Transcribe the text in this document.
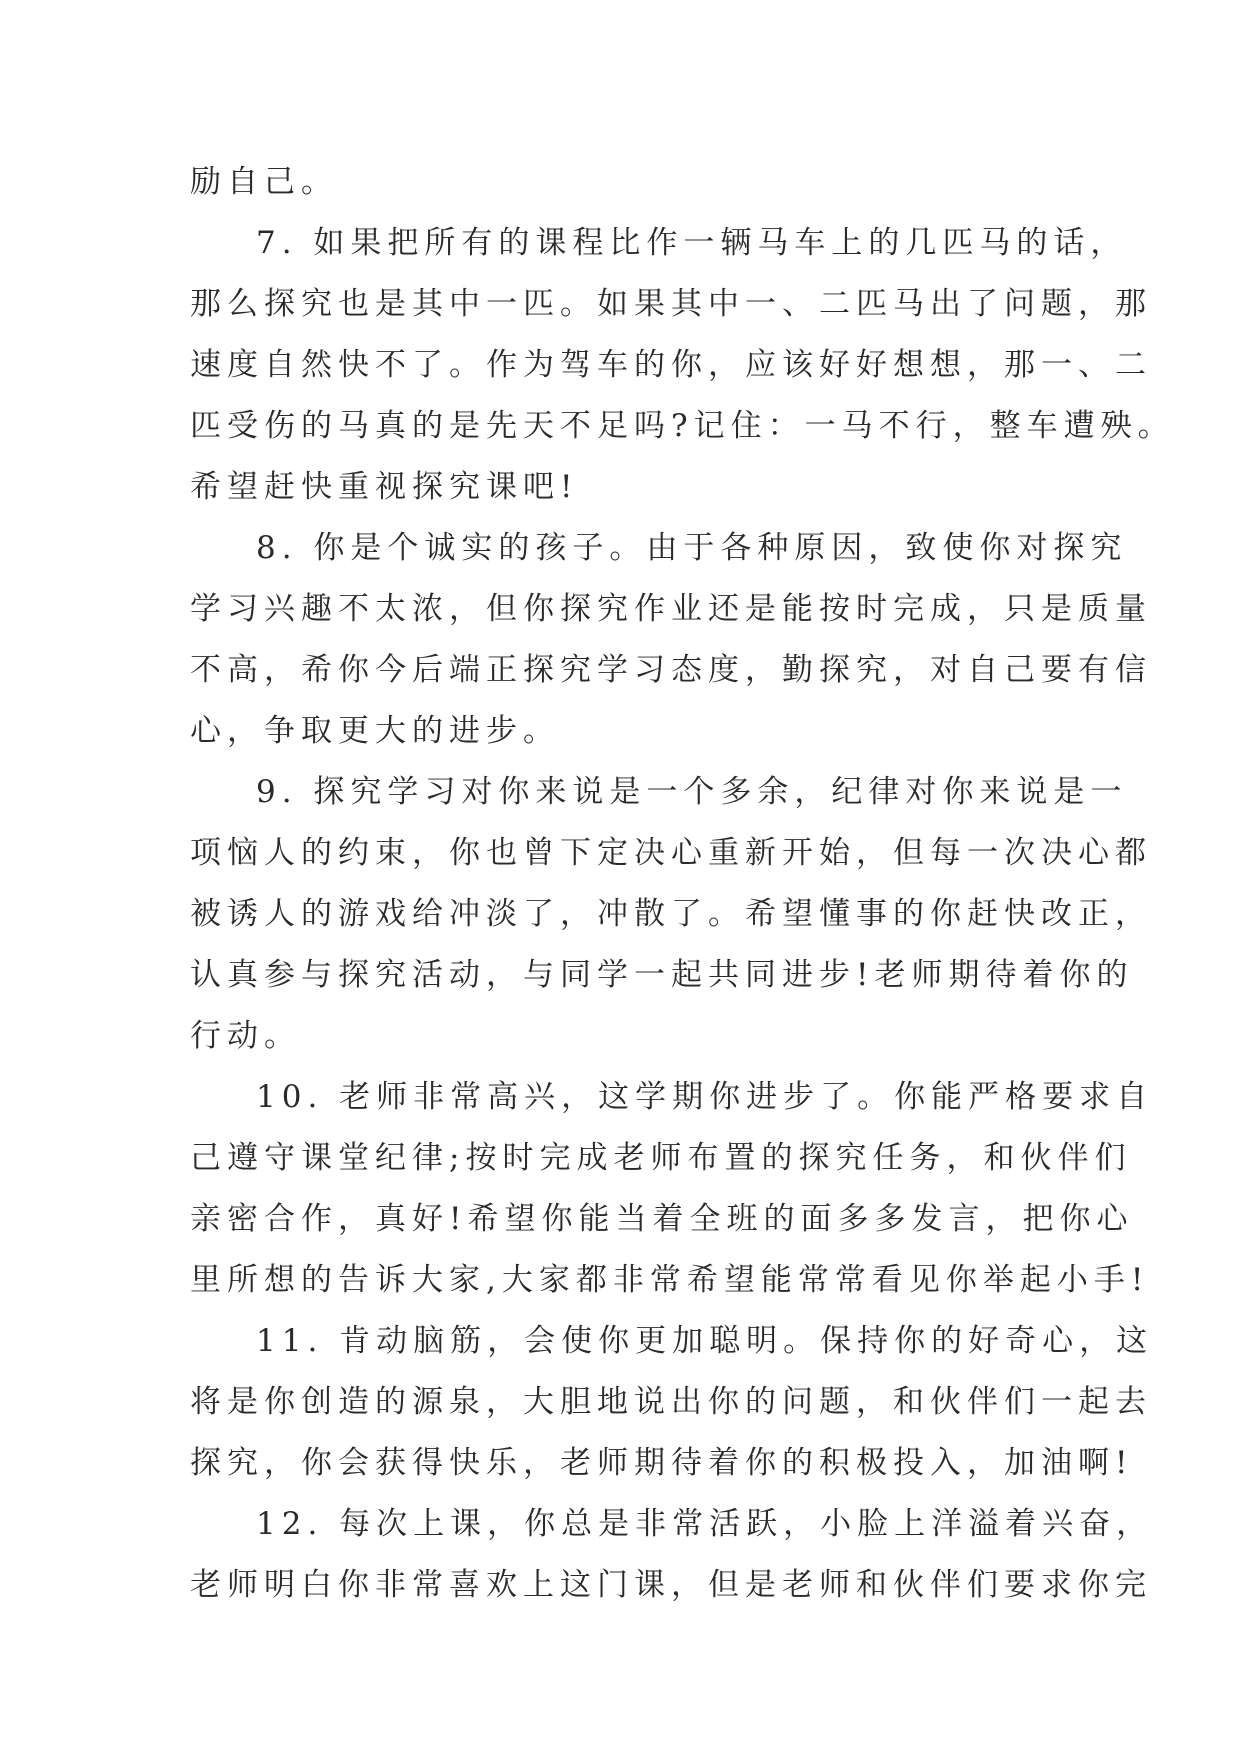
励自己。
7. 如果把所有的课程比作一辆马车上的几匹马的话，
那么探究也是其中一匹。如果其中一、二匹马出了问题，那
速度自然快不了。作为驾车的你，应该好好想想，那一、二
匹受伤的马真的是先天不足吗?记住：一马不行，整车遭殃。
希望赶快重视探究课吧!
8. 你是个诚实的孩子。由于各种原因，致使你对探究
学习兴趣不太浓，但你探究作业还是能按时完成，只是质量
不高，希你今后端正探究学习态度，勤探究，对自己要有信
心，争取更大的进步。
9. 探究学习对你来说是一个多余，纪律对你来说是一
项恼人的约束，你也曾下定决心重新开始，但每一次决心都
被诱人的游戏给冲淡了，冲散了。希望懂事的你赶快改正，
认真参与探究活动，与同学一起共同进步!老师期待着你的
行动。
10. 老师非常高兴，这学期你进步了。你能严格要求自
己遵守课堂纪律;按时完成老师布置的探究任务，和伙伴们
亲密合作，真好!希望你能当着全班的面多多发言，把你心
里所想的告诉大家,大家都非常希望能常常看见你举起小手!
11. 肯动脑筋，会使你更加聪明。保持你的好奇心，这
将是你创造的源泉，大胆地说出你的问题，和伙伴们一起去
探究，你会获得快乐，老师期待着你的积极投入，加油啊!
12. 每次上课，你总是非常活跃，小脸上洋溢着兴奋，
老师明白你非常喜欢上这门课，但是老师和伙伴们要求你完
